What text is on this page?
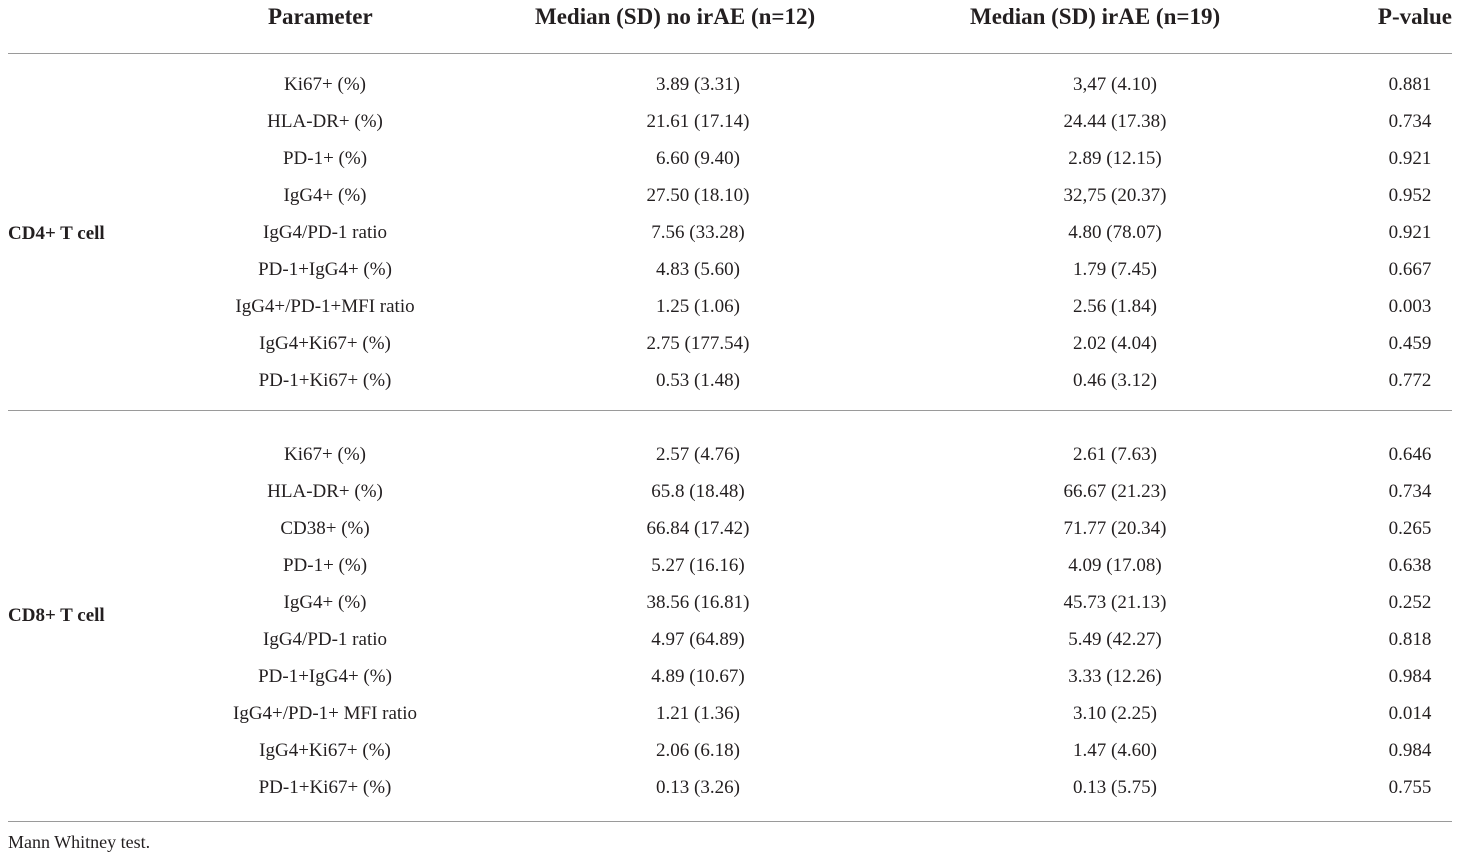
Parameter	Median (SD) no irAE (n=12)	Median (SD) irAE (n=19)	P-value
CD4+ T cell
Ki67+ (%)	3.89 (3.31)	3,47 (4.10)	0.881
HLA-DR+ (%)	21.61 (17.14)	24.44 (17.38)	0.734
PD-1+ (%)	6.60 (9.40)	2.89 (12.15)	0.921
IgG4+ (%)	27.50 (18.10)	32,75 (20.37)	0.952
IgG4/PD-1 ratio	7.56 (33.28)	4.80 (78.07)	0.921
PD-1+IgG4+ (%)	4.83 (5.60)	1.79 (7.45)	0.667
IgG4+/PD-1+MFI ratio	1.25 (1.06)	2.56 (1.84)	0.003
IgG4+Ki67+ (%)	2.75 (177.54)	2.02 (4.04)	0.459
PD-1+Ki67+ (%)	0.53 (1.48)	0.46 (3.12)	0.772
CD8+ T cell
Ki67+ (%)	2.57 (4.76)	2.61 (7.63)	0.646
HLA-DR+ (%)	65.8 (18.48)	66.67 (21.23)	0.734
CD38+ (%)	66.84 (17.42)	71.77 (20.34)	0.265
PD-1+ (%)	5.27 (16.16)	4.09 (17.08)	0.638
IgG4+ (%)	38.56 (16.81)	45.73 (21.13)	0.252
IgG4/PD-1 ratio	4.97 (64.89)	5.49 (42.27)	0.818
PD-1+IgG4+ (%)	4.89 (10.67)	3.33 (12.26)	0.984
IgG4+/PD-1+ MFI ratio	1.21 (1.36)	3.10 (2.25)	0.014
IgG4+Ki67+ (%)	2.06 (6.18)	1.47 (4.60)	0.984
PD-1+Ki67+ (%)	0.13 (3.26)	0.13 (5.75)	0.755
Mann Whitney test.
